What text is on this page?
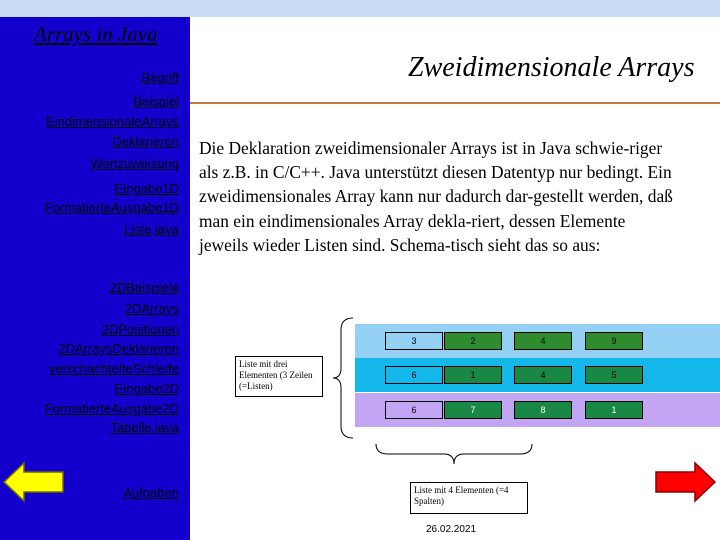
Arrays in Java
Begriff
Beispiel
EindimensionaleArrays
Deklarieren
Wertzuweisung
Eingabe1D
FormatierteAusgabe1D
Liste.java
2DBeispiele
2DArrays
2DPositionen
2DArraysDeklarieren
verschachtelteSchleife
Eingabe2D
FormatierteAusgabe2D
Tabelle.java
Aufgaben
Zweidimensionale Arrays
Die Deklaration zweidimensionaler Arrays ist in Java schwie-riger als z.B. in C/C++. Java unterstützt diesen Datentyp nur bedingt. Ein zweidimensionales Array kann nur dadurch dar-gestellt werden, daß man ein eindimensionales Array dekla-riert, dessen Elemente jeweils wieder Listen sind. Schema-tisch sieht das so aus:
3	2	4	9
6	1	4	5
6	7	8	1
Liste mit drei Elementen (3 Zeilen (=Listen)
Liste mit 4 Elementen (=4 Spalten)
26.02.2021
